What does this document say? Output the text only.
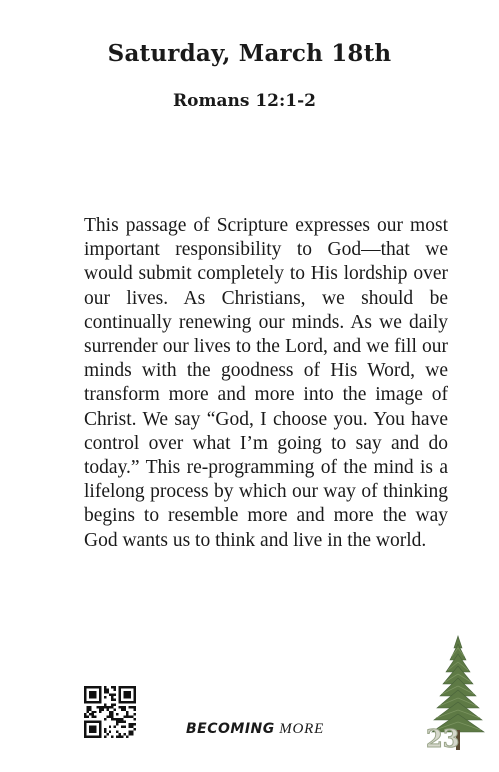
Saturday, March 18th
Romans 12:1-2

This passage of Scripture expresses our most important responsibility to God—that we would submit completely to His lordship over our lives. As Christians, we should be continually renewing our minds. As we daily surrender our lives to the Lord, and we fill our minds with the goodness of His Word, we transform more and more into the image of Christ. We say “God, I choose you. You have control over what I’m going to say and do today.” This re-programming of the mind is a lifelong process by which our way of thinking begins to resemble more and more the way God wants us to think and live in the world.

BECOMING MORE	23
